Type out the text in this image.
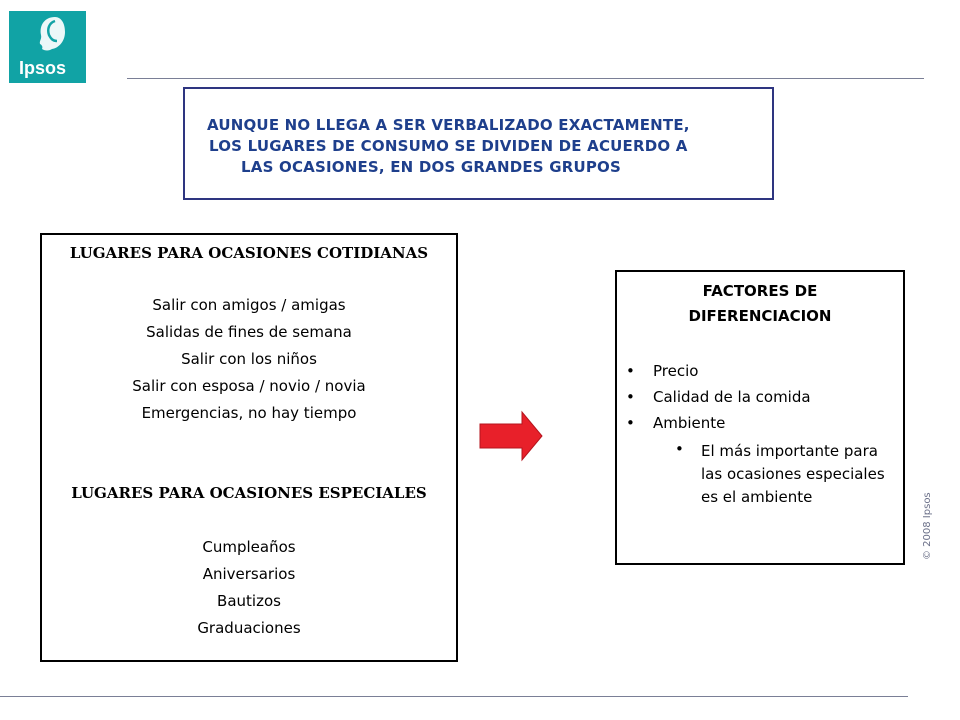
Ipsos
AUNQUE NO LLEGA A SER VERBALIZADO EXACTAMENTE,
LOS LUGARES DE CONSUMO SE DIVIDEN DE ACUERDO A
LAS OCASIONES, EN DOS GRANDES GRUPOS
LUGARES PARA OCASIONES COTIDIANAS
Salir con amigos / amigas
Salidas de fines de semana
Salir con los niños
Salir con esposa / novio / novia
Emergencias, no hay tiempo
LUGARES PARA OCASIONES ESPECIALES
Cumpleaños
Aniversarios
Bautizos
Graduaciones
FACTORES DE
DIFERENCIACION
• Precio
• Calidad de la comida
• Ambiente
• El más importante para las ocasiones especiales es el ambiente	© 2008 Ipsos
